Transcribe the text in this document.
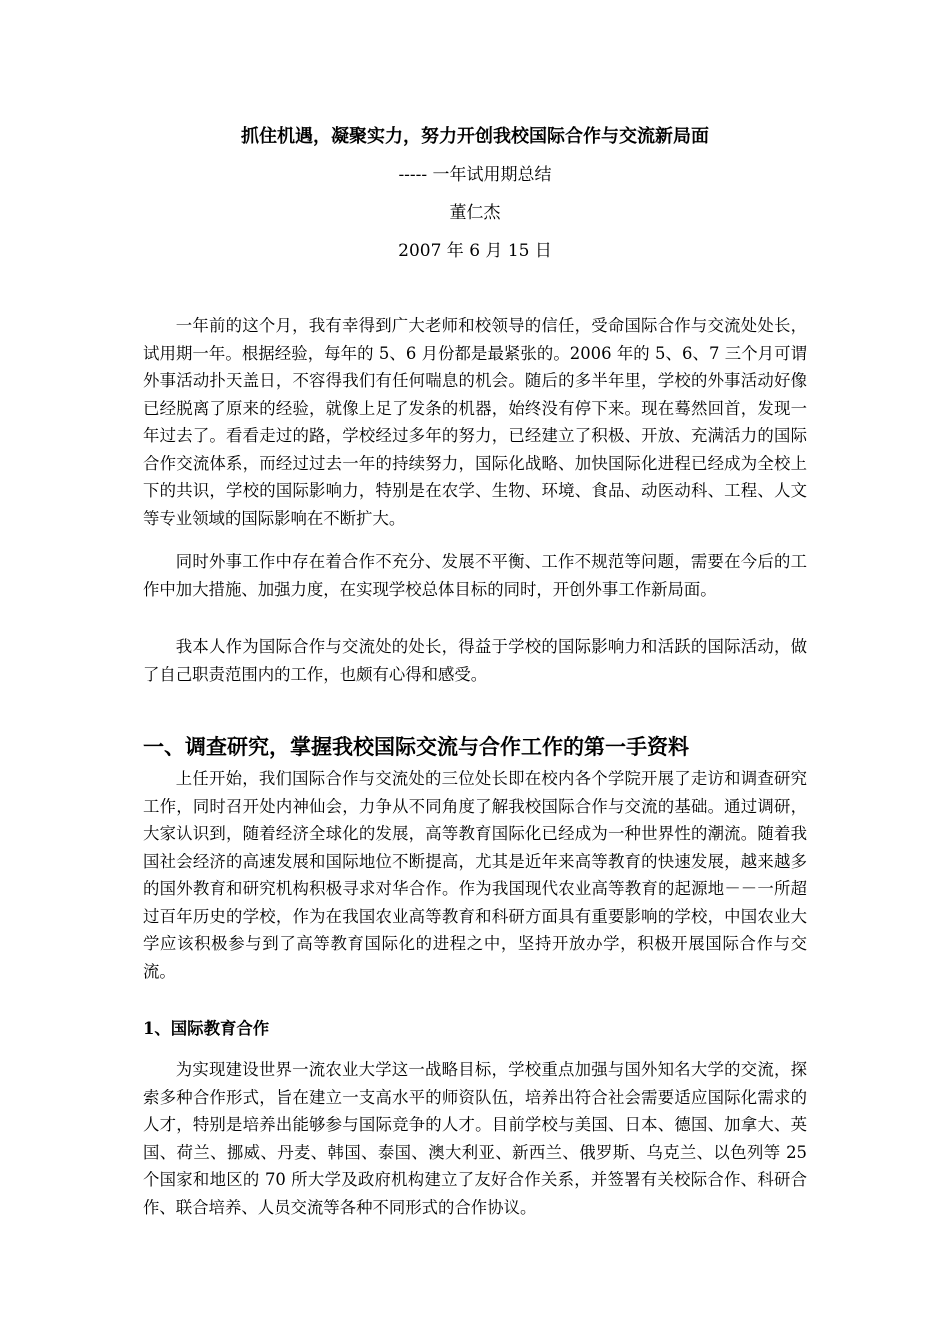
抓住机遇，凝聚实力，努力开创我校国际合作与交流新局面

----- 一年试用期总结

董仁杰

2007 年 6 月 15 日

一年前的这个月，我有幸得到广大老师和校领导的信任，受命国际合作与交流处处长，试用期一年。根据经验，每年的 5、6 月份都是最紧张的。2006 年的 5、6、7 三个月可谓外事活动扑天盖日，不容得我们有任何喘息的机会。随后的多半年里，学校的外事活动好像已经脱离了原来的经验，就像上足了发条的机器，始终没有停下来。现在蓦然回首，发现一年过去了。看看走过的路，学校经过多年的努力，已经建立了积极、开放、充满活力的国际合作交流体系，而经过过去一年的持续努力，国际化战略、加快国际化进程已经成为全校上下的共识，学校的国际影响力，特别是在农学、生物、环境、食品、动医动科、工程、人文等专业领域的国际影响在不断扩大。

同时外事工作中存在着合作不充分、发展不平衡、工作不规范等问题，需要在今后的工作中加大措施、加强力度，在实现学校总体目标的同时，开创外事工作新局面。

我本人作为国际合作与交流处的处长，得益于学校的国际影响力和活跃的国际活动，做了自己职责范围内的工作，也颇有心得和感受。

一、调查研究，掌握我校国际交流与合作工作的第一手资料

上任开始，我们国际合作与交流处的三位处长即在校内各个学院开展了走访和调查研究工作，同时召开处内神仙会，力争从不同角度了解我校国际合作与交流的基础。通过调研，大家认识到，随着经济全球化的发展，高等教育国际化已经成为一种世界性的潮流。随着我国社会经济的高速发展和国际地位不断提高，尤其是近年来高等教育的快速发展，越来越多的国外教育和研究机构积极寻求对华合作。作为我国现代农业高等教育的起源地－－一所超过百年历史的学校，作为在我国农业高等教育和科研方面具有重要影响的学校，中国农业大学应该积极参与到了高等教育国际化的进程之中，坚持开放办学，积极开展国际合作与交流。

1、国际教育合作

为实现建设世界一流农业大学这一战略目标，学校重点加强与国外知名大学的交流，探索多种合作形式，旨在建立一支高水平的师资队伍，培养出符合社会需要适应国际化需求的人才，特别是培养出能够参与国际竞争的人才。目前学校与美国、日本、德国、加拿大、英国、荷兰、挪威、丹麦、韩国、泰国、澳大利亚、新西兰、俄罗斯、乌克兰、以色列等 25 个国家和地区的 70 所大学及政府机构建立了友好合作关系，并签署有关校际合作、科研合作、联合培养、人员交流等各种不同形式的合作协议。
